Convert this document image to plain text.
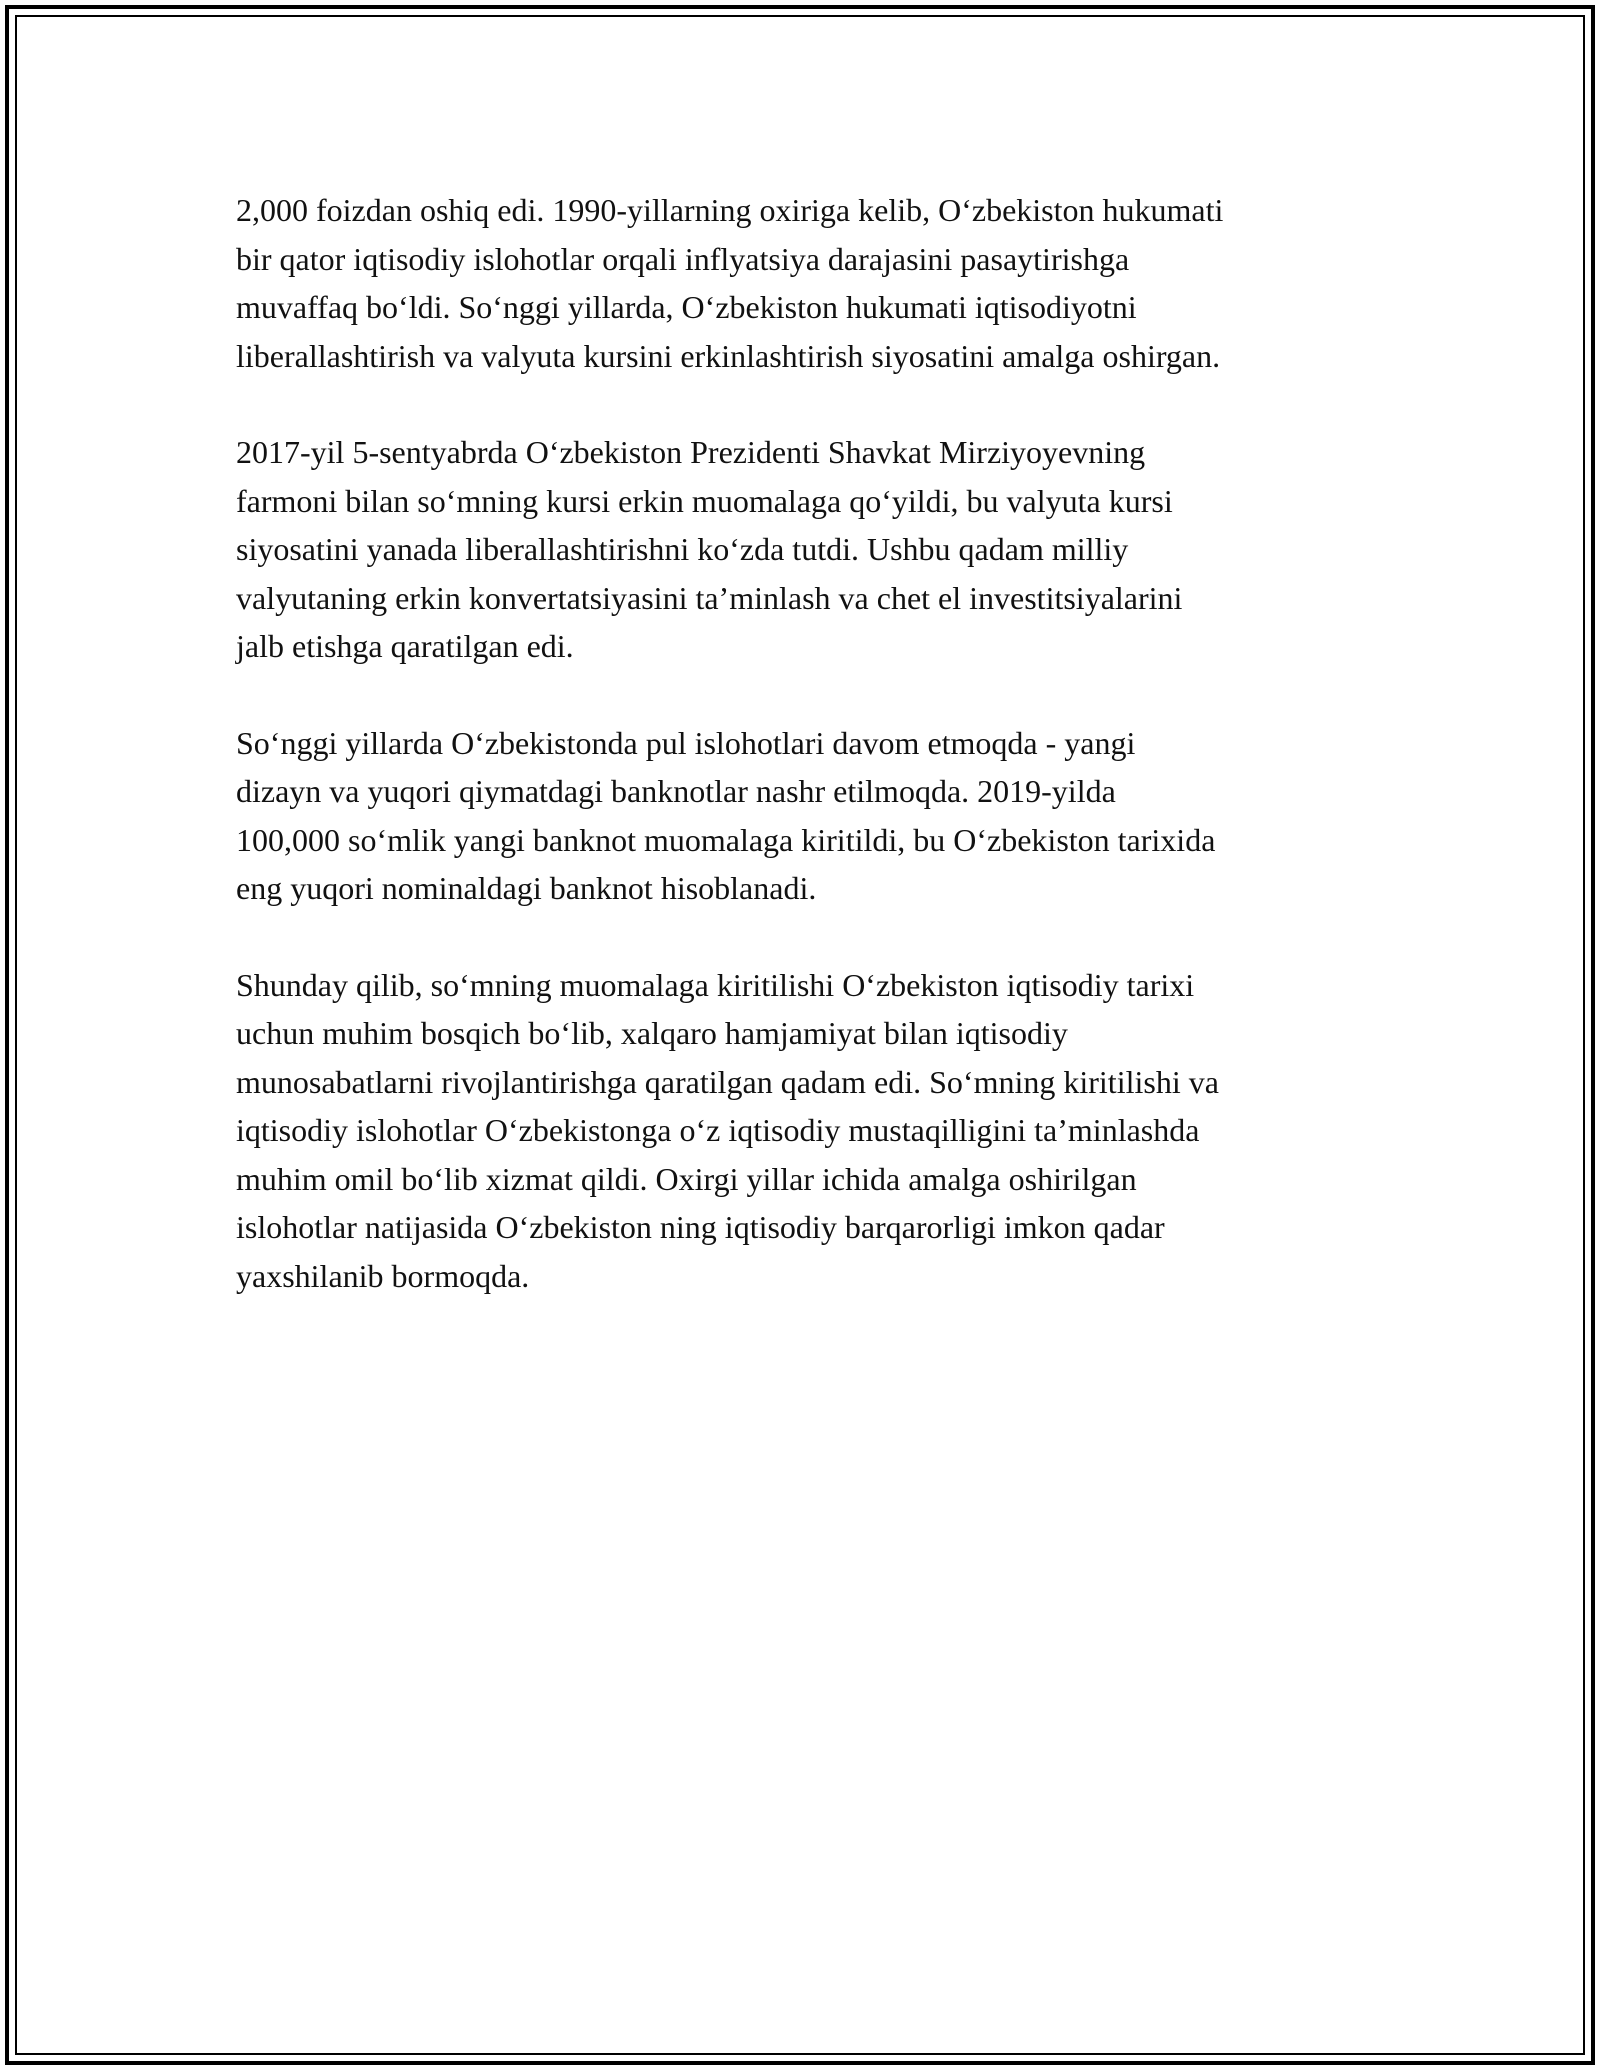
2,000 foizdan oshiq edi. 1990-yillarning oxiriga kelib, O‘zbekiston hukumati
bir qator iqtisodiy islohotlar orqali inflyatsiya darajasini pasaytirishga
muvaffaq bo‘ldi. So‘nggi yillarda, O‘zbekiston hukumati iqtisodiyotni
liberallashtirish va valyuta kursini erkinlashtirish siyosatini amalga oshirgan.

2017-yil 5-sentyabrda O‘zbekiston Prezidenti Shavkat Mirziyoyevning
farmoni bilan so‘mning kursi erkin muomalaga qo‘yildi, bu valyuta kursi
siyosatini yanada liberallashtirishni ko‘zda tutdi. Ushbu qadam milliy
valyutaning erkin konvertatsiyasini ta’minlash va chet el investitsiyalarini
jalb etishga qaratilgan edi.

So‘nggi yillarda O‘zbekistonda pul islohotlari davom etmoqda - yangi
dizayn va yuqori qiymatdagi banknotlar nashr etilmoqda. 2019-yilda
100,000 so‘mlik yangi banknot muomalaga kiritildi, bu O‘zbekiston tarixida
eng yuqori nominaldagi banknot hisoblanadi.

Shunday qilib, so‘mning muomalaga kiritilishi O‘zbekiston iqtisodiy tarixi
uchun muhim bosqich bo‘lib, xalqaro hamjamiyat bilan iqtisodiy
munosabatlarni rivojlantirishga qaratilgan qadam edi. So‘mning kiritilishi va
iqtisodiy islohotlar O‘zbekistonga o‘z iqtisodiy mustaqilligini ta’minlashda
muhim omil bo‘lib xizmat qildi. Oxirgi yillar ichida amalga oshirilgan
islohotlar natijasida O‘zbekiston ning iqtisodiy barqarorligi imkon qadar
yaxshilanib bormoqda.
